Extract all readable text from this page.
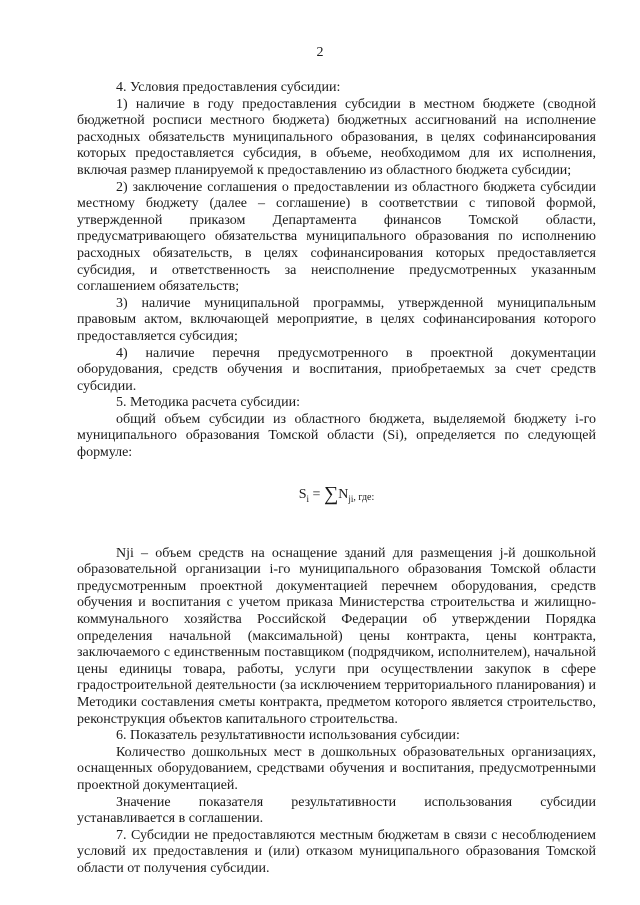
2

4. Условия предоставления субсидии:

1) наличие в году предоставления субсидии в местном бюджете (сводной бюджетной росписи местного бюджета) бюджетных ассигнований на исполнение расходных обязательств муниципального образования, в целях софинансирования которых предоставляется субсидия, в объеме, необходимом для их исполнения, включая размер планируемой к предоставлению из областного бюджета субсидии;

2) заключение соглашения о предоставлении из областного бюджета субсидии местному бюджету (далее – соглашение) в соответствии с типовой формой, утвержденной приказом Департамента финансов Томской области, предусматривающего обязательства муниципального образования по исполнению расходных обязательств, в целях софинансирования которых предоставляется субсидия, и ответственность за неисполнение предусмотренных указанным соглашением обязательств;

3) наличие муниципальной программы, утвержденной муниципальным правовым актом, включающей мероприятие, в целях софинансирования которого предоставляется субсидия;

4) наличие перечня предусмотренного в проектной документации оборудования, средств обучения и воспитания, приобретаемых за счет средств субсидии.

5. Методика расчета субсидии:

общий объем субсидии из областного бюджета, выделяемой бюджету i-го муниципального образования Томской области (Si), определяется по следующей формуле:

$S_i = \sum N_{ji}$, где:

Nji – объем средств на оснащение зданий для размещения j-й дошкольной образовательной организации i-го муниципального образования Томской области предусмотренным проектной документацией перечнем оборудования, средств обучения и воспитания с учетом приказа Министерства строительства и жилищно-коммунального хозяйства Российской Федерации об утверждении Порядка определения начальной (максимальной) цены контракта, цены контракта, заключаемого с единственным поставщиком (подрядчиком, исполнителем), начальной цены единицы товара, работы, услуги при осуществлении закупок в сфере градостроительной деятельности (за исключением территориального планирования) и Методики составления сметы контракта, предметом которого является строительство, реконструкция объектов капитального строительства.

6. Показатель результативности использования субсидии:

Количество дошкольных мест в дошкольных образовательных организациях, оснащенных оборудованием, средствами обучения и воспитания, предусмотренными проектной документацией.

Значение показателя результативности использования субсидии устанавливается в соглашении.

7. Субсидии не предоставляются местным бюджетам в связи с несоблюдением условий их предоставления и (или) отказом муниципального образования Томской области от получения субсидии.
